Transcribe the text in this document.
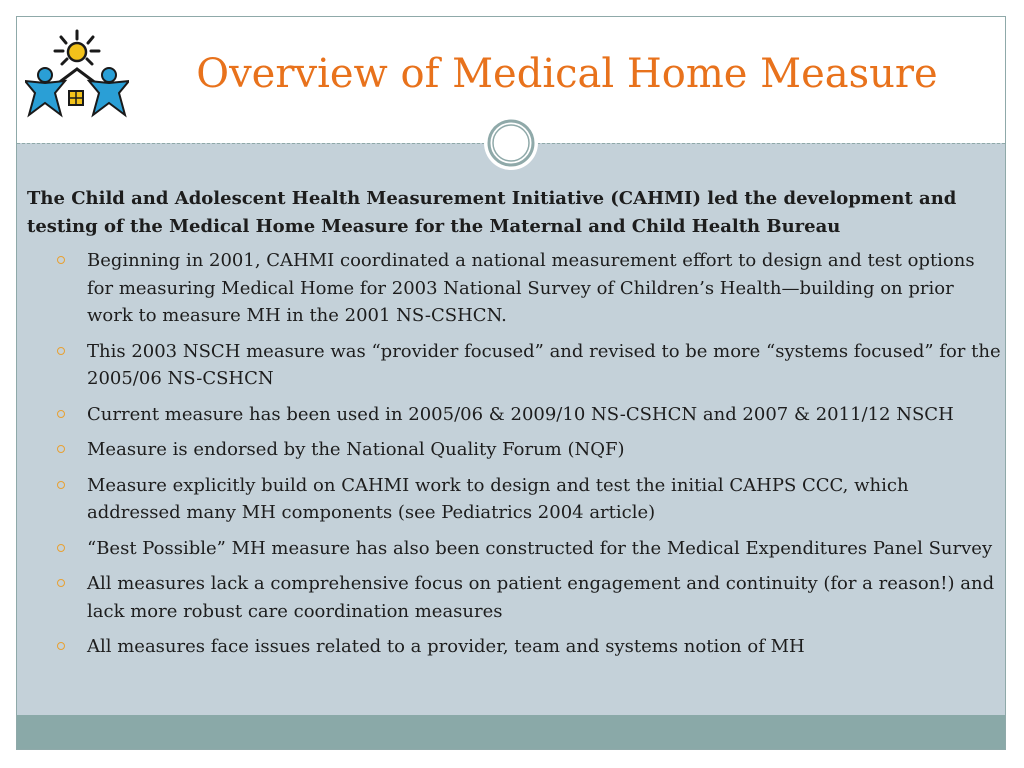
Overview of Medical Home Measure

The Child and Adolescent Health Measurement Initiative (CAHMI) led the development and testing of the Medical Home Measure for the Maternal and Child Health Bureau

Beginning in 2001, CAHMI coordinated a national measurement effort to design and test options for measuring Medical Home for 2003 National Survey of Children’s Health—building on prior work to measure MH in the 2001 NS-CSHCN.
This 2003 NSCH measure was “provider focused” and revised to be more “systems focused” for the 2005/06 NS-CSHCN
Current measure has been used in 2005/06 & 2009/10 NS-CSHCN and 2007 & 2011/12 NSCH
Measure is endorsed by the National Quality Forum (NQF)
Measure explicitly build on CAHMI work to design and test the initial CAHPS CCC, which addressed many MH components (see Pediatrics 2004 article)
“Best Possible” MH measure has also been constructed for the Medical Expenditures Panel Survey
All measures lack a comprehensive focus on patient engagement and continuity (for a reason!) and lack more robust care coordination measures
All measures face issues related to a provider, team and systems notion of MH
